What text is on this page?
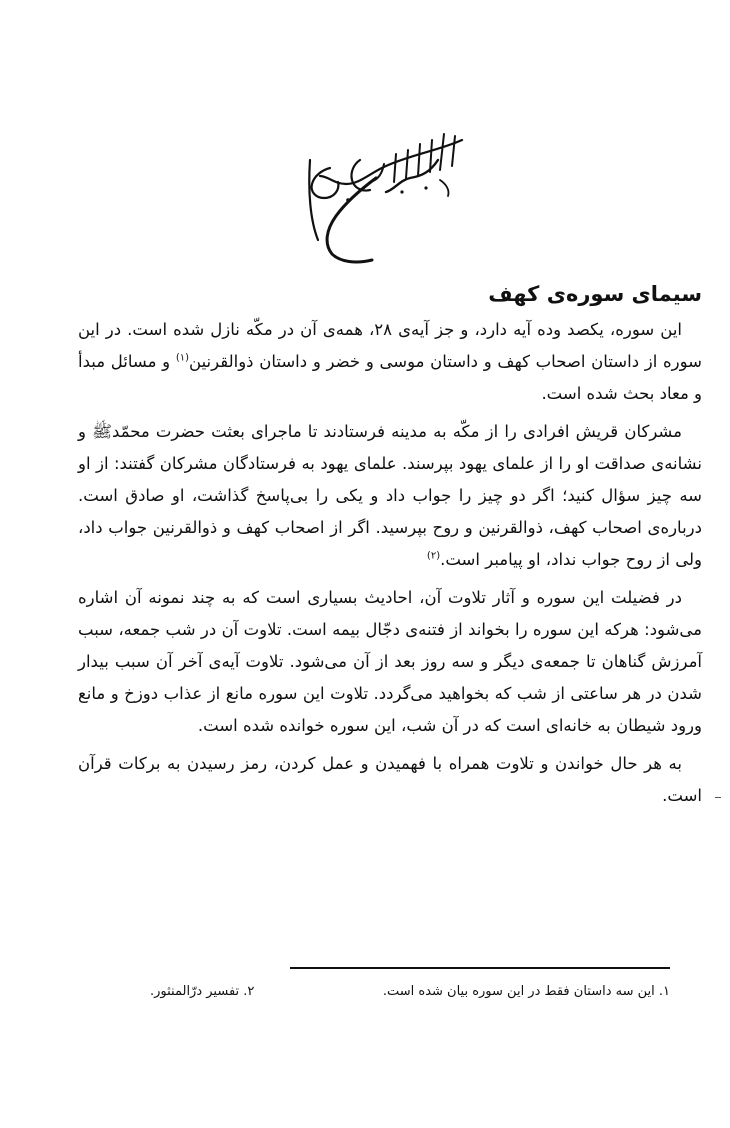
سیمای سوره‌ی کهف

این سوره، یکصد وده آیه دارد، و جز آیه‌ی ۲۸، همه‌ی آن در مکّه نازل شده است. در این سوره از داستان اصحاب کهف و داستان موسی و خضر و داستان ذوالقرنین$^{(۱)}$ و مسائل مبدأ و معاد بحث شده است.

مشرکان قریش افرادی را از مکّه به مدینه فرستادند تا ماجرای بعثت حضرت محمّدﷺ و نشانه‌ی صداقت او را از علمای یهود بپرسند. علمای یهود به فرستادگان مشرکان گفتند: از او سه چیز سؤال کنید؛ اگر دو چیز را جواب داد و یکی را بی‌پاسخ گذاشت، او صادق است. درباره‌ی اصحاب کهف، ذوالقرنین و روح بپرسید. اگر از اصحاب کهف و ذوالقرنین جواب داد، ولی از روح جواب نداد، او پیامبر است.$^{(۲)}$

در فضیلت این سوره و آثار تلاوت آن، احادیث بسیاری است که به چند نمونه آن اشاره می‌شود: هرکه این سوره را بخواند از فتنه‌ی دجّال بیمه است. تلاوت آن در شب جمعه، سبب آمرزش گناهان تا جمعه‌ی دیگر و سه روز بعد از آن می‌شود. تلاوت آیه‌ی آخر آن سبب بیدار شدن در هر ساعتی از شب که بخواهید می‌گردد. تلاوت این سوره مانع از عذاب دوزخ و مانع ورود شیطان به خانه‌ای است که در آن شب، این سوره خوانده شده است.

به هر حال خواندن و تلاوت همراه با فهمیدن و عمل کردن، رمز رسیدن به برکات قرآن است.

۱. این سه داستان فقط در این سوره بیان شده است.
۲. تفسیر درّالمنثور.
